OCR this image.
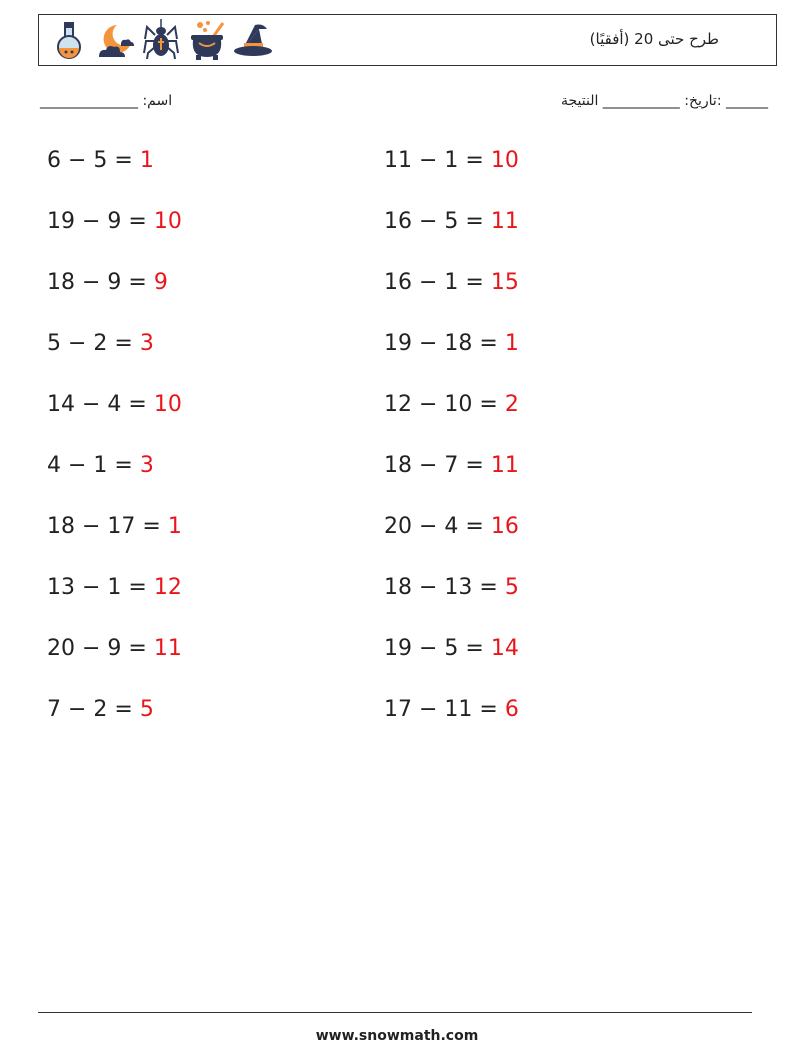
طرح حتى 20 (أفقيًا)
______ :تاريخ: ___________ النتيجة
اسم: ______________
6 − 5 = 1
19 − 9 = 10
18 − 9 = 9
5 − 2 = 3
14 − 4 = 10
4 − 1 = 3
18 − 17 = 1
13 − 1 = 12
20 − 9 = 11
7 − 2 = 5
11 − 1 = 10
16 − 5 = 11
16 − 1 = 15
19 − 18 = 1
12 − 10 = 2
18 − 7 = 11
20 − 4 = 16
18 − 13 = 5
19 − 5 = 14
17 − 11 = 6
www.snowmath.com
